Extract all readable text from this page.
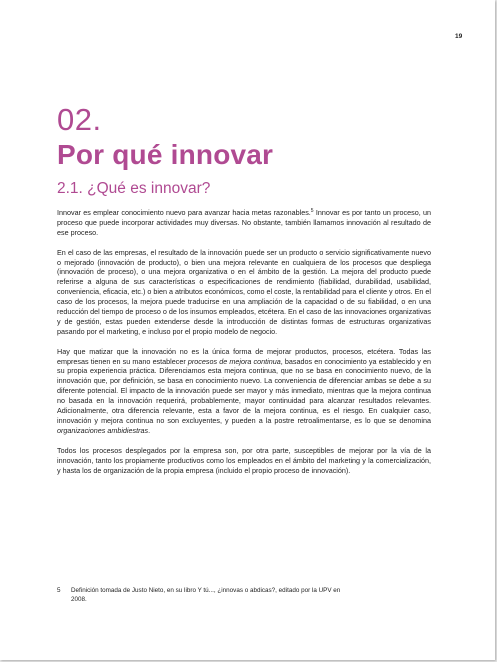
19
02.
Por qué innovar
2.1. ¿Qué es innovar?

Innovar es emplear conocimiento nuevo para avanzar hacia metas razonables.$^5$ Innovar es por tanto un proceso, un proceso que puede incorporar actividades muy diversas. No obstante, también llamamos innovación al resultado de ese proceso.

En el caso de las empresas, el resultado de la innovación puede ser un producto o servicio significativamente nuevo o mejorado (innovación de producto), o bien una mejora relevante en cualquiera de los procesos que despliega (innovación de proceso), o una mejora organizativa o en el ámbito de la gestión. La mejora del producto puede referirse a alguna de sus características o especificaciones de rendimiento (fiabilidad, durabilidad, usabilidad, conveniencia, eficacia, etc.) o bien a atributos económicos, como el coste, la rentabilidad para el cliente y otros. En el caso de los procesos, la mejora puede traducirse en una ampliación de la capacidad o de su fiabilidad, o en una reducción del tiempo de proceso o de los insumos empleados, etcétera. En el caso de las innovaciones organizativas y de gestión, estas pueden extenderse desde la introducción de distintas formas de estructuras organizativas pasando por el marketing, e incluso por el propio modelo de negocio.

Hay que matizar que la innovación no es la única forma de mejorar productos, procesos, etcétera. Todas las empresas tienen en su mano establecer procesos de mejora continua, basados en conocimiento ya establecido y en su propia experiencia práctica. Diferenciamos esta mejora continua, que no se basa en conocimiento nuevo, de la innovación que, por definición, se basa en conocimiento nuevo. La conveniencia de diferenciar ambas se debe a su diferente potencial. El impacto de la innovación puede ser mayor y más inmediato, mientras que la mejora continua no basada en la innovación requerirá, probablemente, mayor continuidad para alcanzar resultados relevantes. Adicionalmente, otra diferencia relevante, esta a favor de la mejora continua, es el riesgo. En cualquier caso, innovación y mejora continua no son excluyentes, y pueden a la postre retroalimentarse, es lo que se denomina organizaciones ambidiestras.

Todos los procesos desplegados por la empresa son, por otra parte, susceptibles de mejorar por la vía de la innovación, tanto los propiamente productivos como los empleados en el ámbito del marketing y la comercialización, y hasta los de organización de la propia empresa (incluido el propio proceso de innovación).

5	Definición tomada de Justo Nieto, en su libro Y tú..., ¿innovas o abdicas?, editado por la UPV en 2008.
